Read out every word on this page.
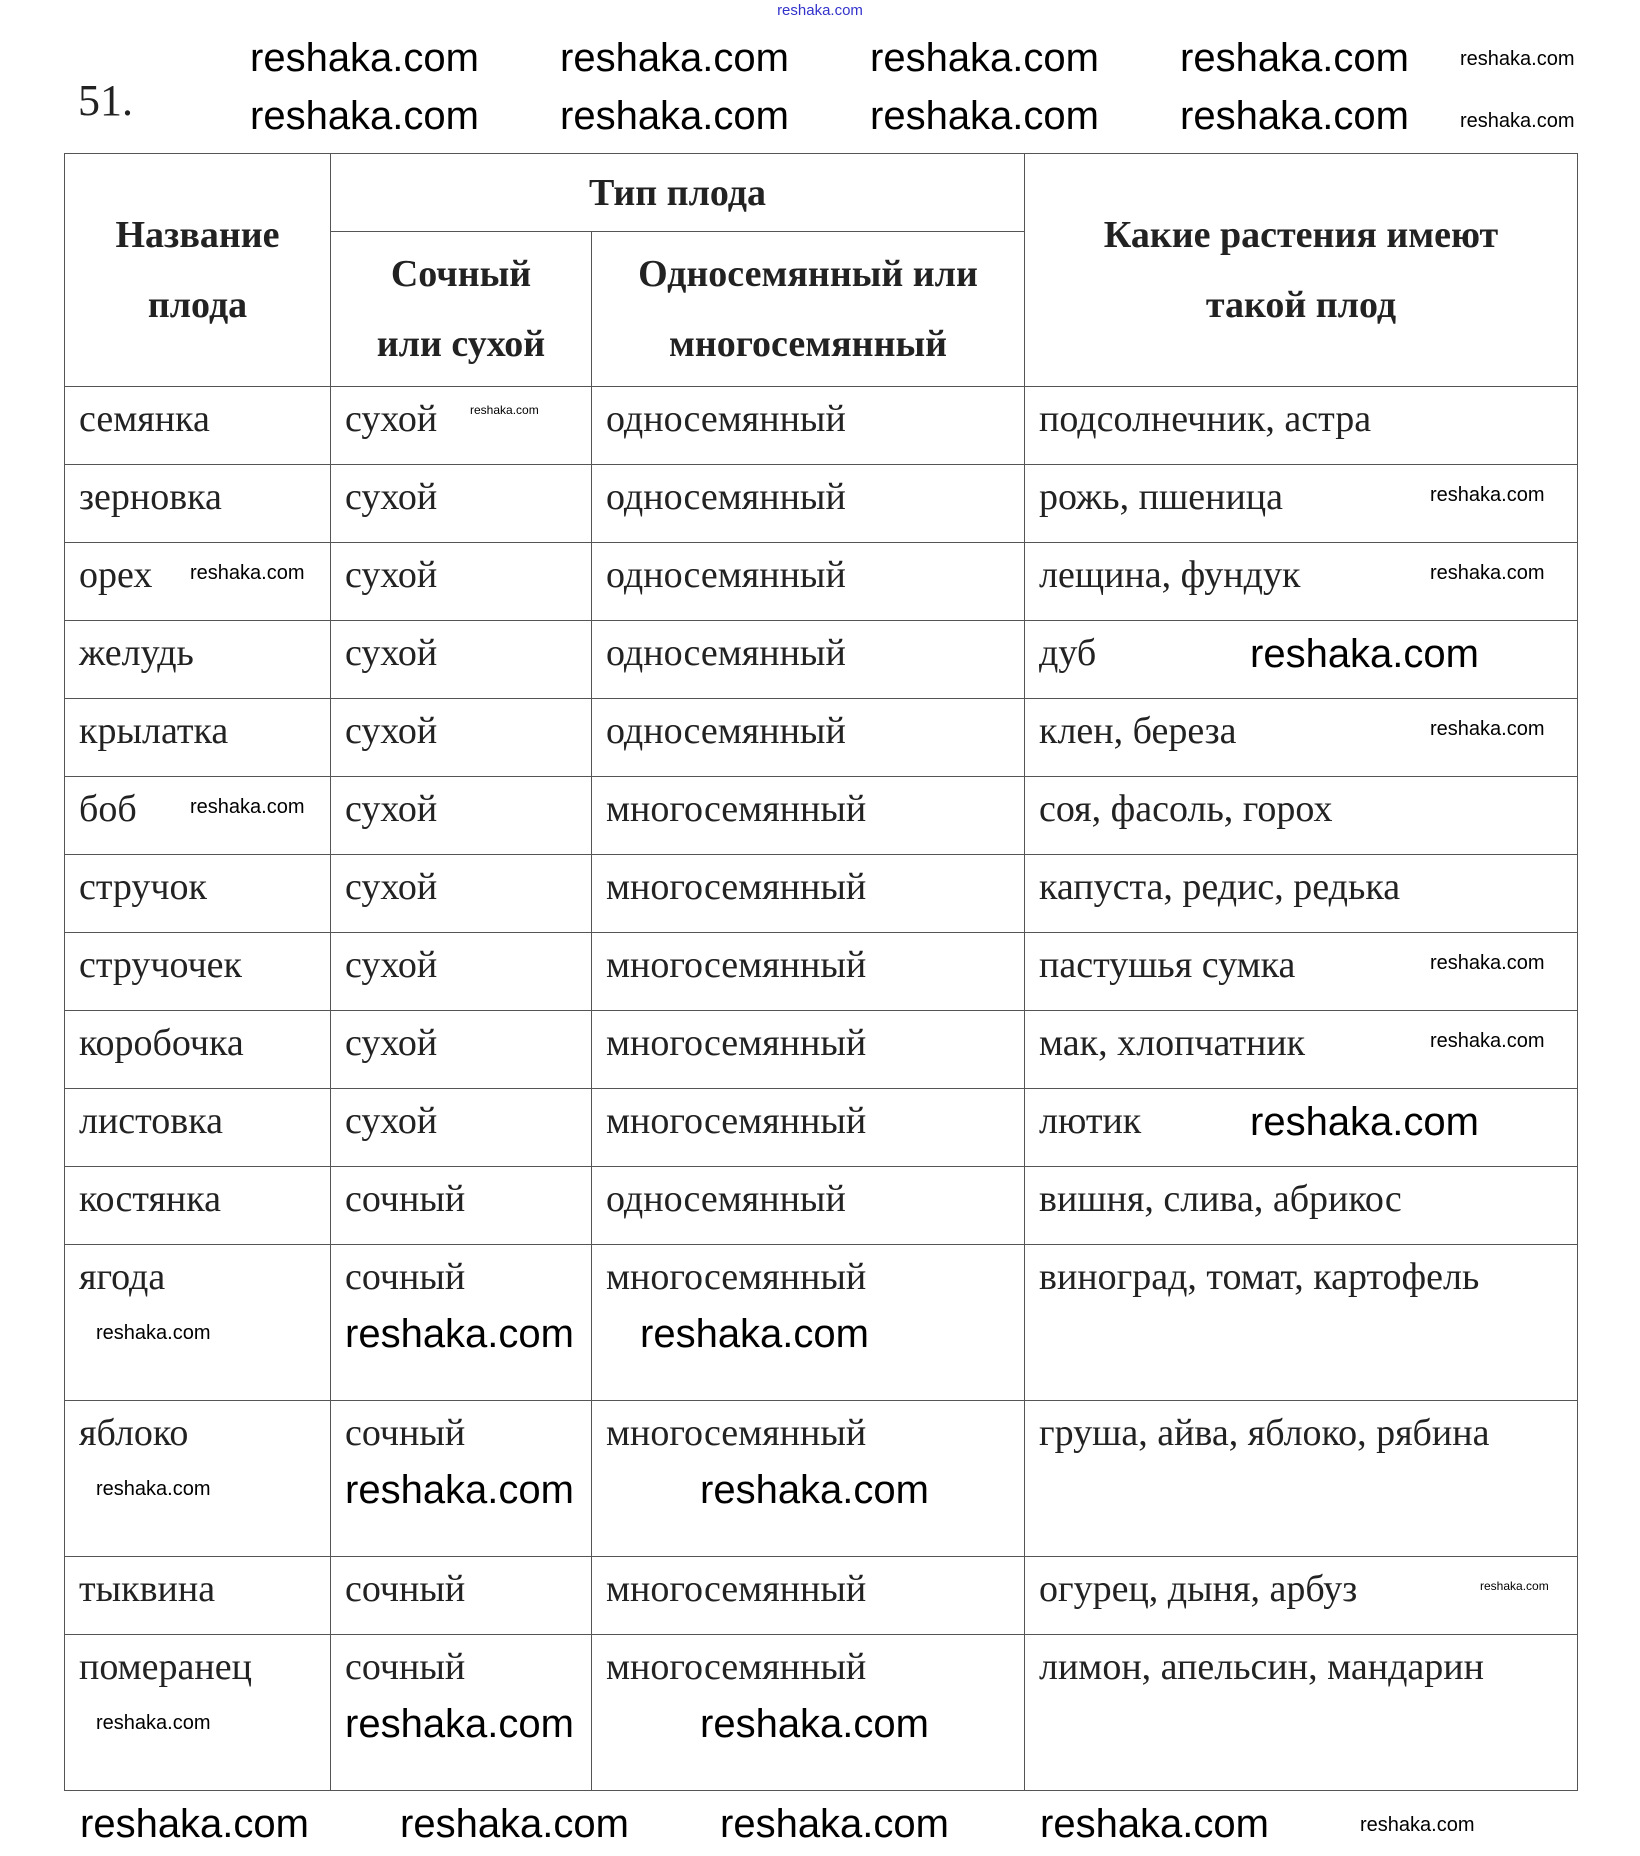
reshaka.com
51.
Название плода	Тип плода		Какие растения имеют такой плод
	Сочный или сухой	Односемянный или многосемянный	
семянка	сухой	односемянный	подсолнечник, астра
зерновка	сухой	односемянный	рожь, пшеница
орех	сухой	односемянный	лещина, фундук
желудь	сухой	односемянный	дуб
крылатка	сухой	односемянный	клен, береза
боб	сухой	многосемянный	соя, фасоль, горох
стручок	сухой	многосемянный	капуста, редис, редька
стручочек	сухой	многосемянный	пастушья сумка
коробочка	сухой	многосемянный	мак, хлопчатник
листовка	сухой	многосемянный	лютик
костянка	сочный	односемянный	вишня, слива, абрикос
ягода	сочный	многосемянный	виноград, томат, картофель
яблоко	сочный	многосемянный	груша, айва, яблоко, рябина
тыквина	сочный	многосемянный	огурец, дыня, арбуз
померанец	сочный	многосемянный	лимон, апельсин, мандарин
reshaka.com reshaka.com reshaka.com reshaka.com
reshaka.com reshaka.com reshaka.com reshaka.com
reshaka.com
reshaka.com
reshaka.com reshaka.com reshaka.com reshaka.com	reshaka.com
reshaka.com	reshaka.com reshaka.com
reshaka.com	reshaka.com	reshaka.com
reshaka.com	reshaka.com	reshaka.com
reshaka.com
reshaka.com
reshaka.com
reshaka.com
reshaka.com
reshaka.com
reshaka.com
reshaka.com
reshaka.com
reshaka.com
reshaka.com
